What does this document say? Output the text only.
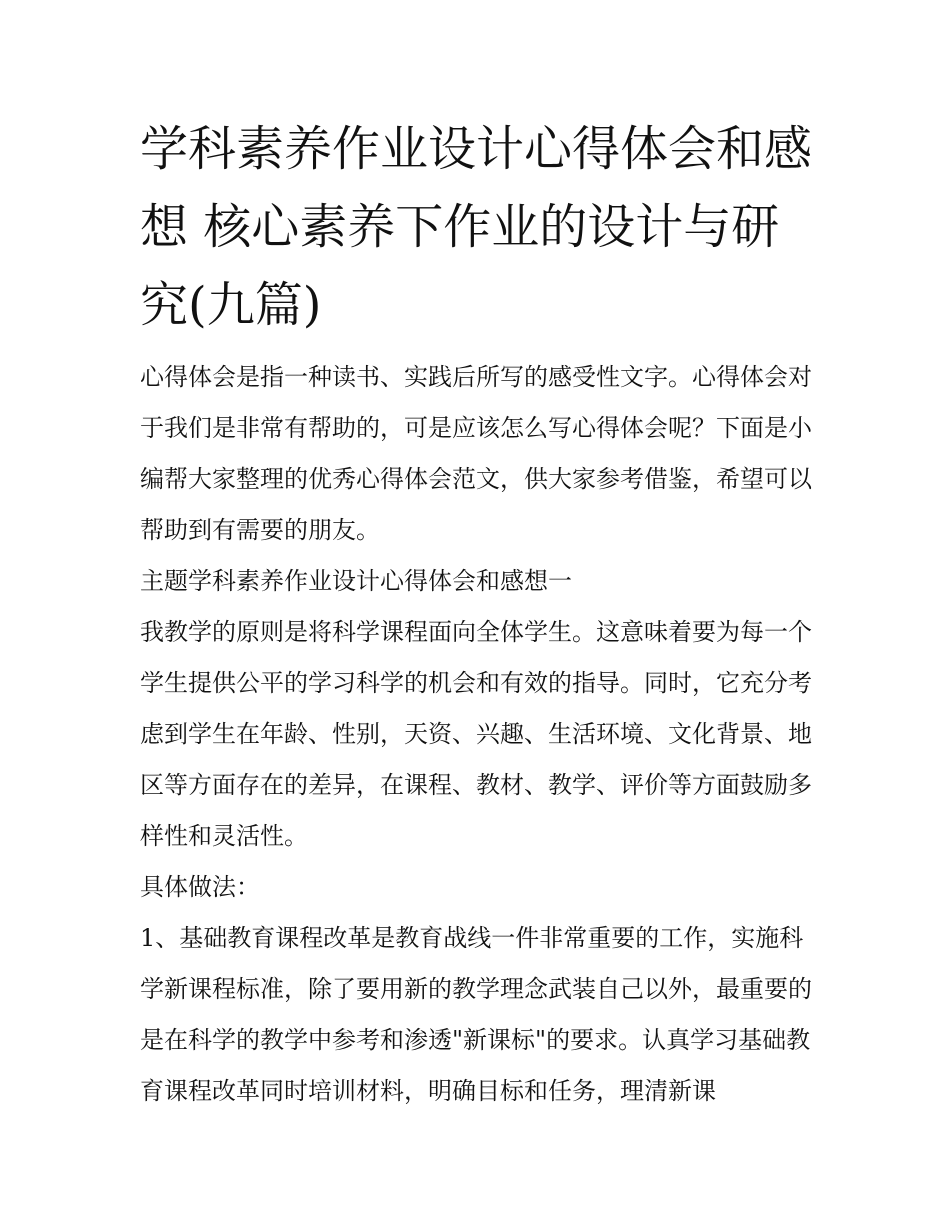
学科素养作业设计心得体会和感想 核心素养下作业的设计与研究(九篇)

心得体会是指一种读书、实践后所写的感受性文字。心得体会对于我们是非常有帮助的，可是应该怎么写心得体会呢？下面是小编帮大家整理的优秀心得体会范文，供大家参考借鉴，希望可以帮助到有需要的朋友。

主题学科素养作业设计心得体会和感想一

我教学的原则是将科学课程面向全体学生。这意味着要为每一个学生提供公平的学习科学的机会和有效的指导。同时，它充分考虑到学生在年龄、性别，天资、兴趣、生活环境、文化背景、地区等方面存在的差异，在课程、教材、教学、评价等方面鼓励多样性和灵活性。

具体做法：

1、基础教育课程改革是教育战线一件非常重要的工作，实施科学新课程标准，除了要用新的教学理念武装自己以外，最重要的是在科学的教学中参考和渗透"新课标"的要求。认真学习基础教育课程改革同时培训材料，明确目标和任务，理清新课
